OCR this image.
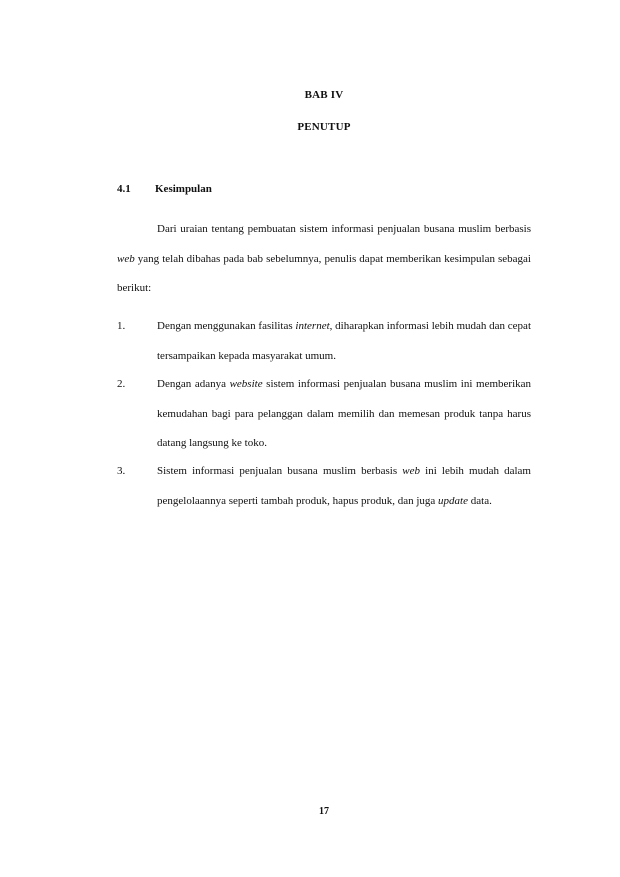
BAB IV
PENUTUP
4.1 Kesimpulan
Dari uraian tentang pembuatan sistem informasi penjualan busana muslim berbasis web yang telah dibahas pada bab sebelumnya, penulis dapat memberikan kesimpulan sebagai berikut:
1.	Dengan menggunakan fasilitas internet, diharapkan informasi lebih mudah dan cepat tersampaikan kepada masyarakat umum.
2.	Dengan adanya website sistem informasi penjualan busana muslim ini memberikan kemudahan bagi para pelanggan dalam memilih dan memesan produk tanpa harus datang langsung ke toko.
3.	Sistem informasi penjualan busana muslim berbasis web ini lebih mudah dalam pengelolaannya seperti tambah produk, hapus produk, dan juga update data.
17
